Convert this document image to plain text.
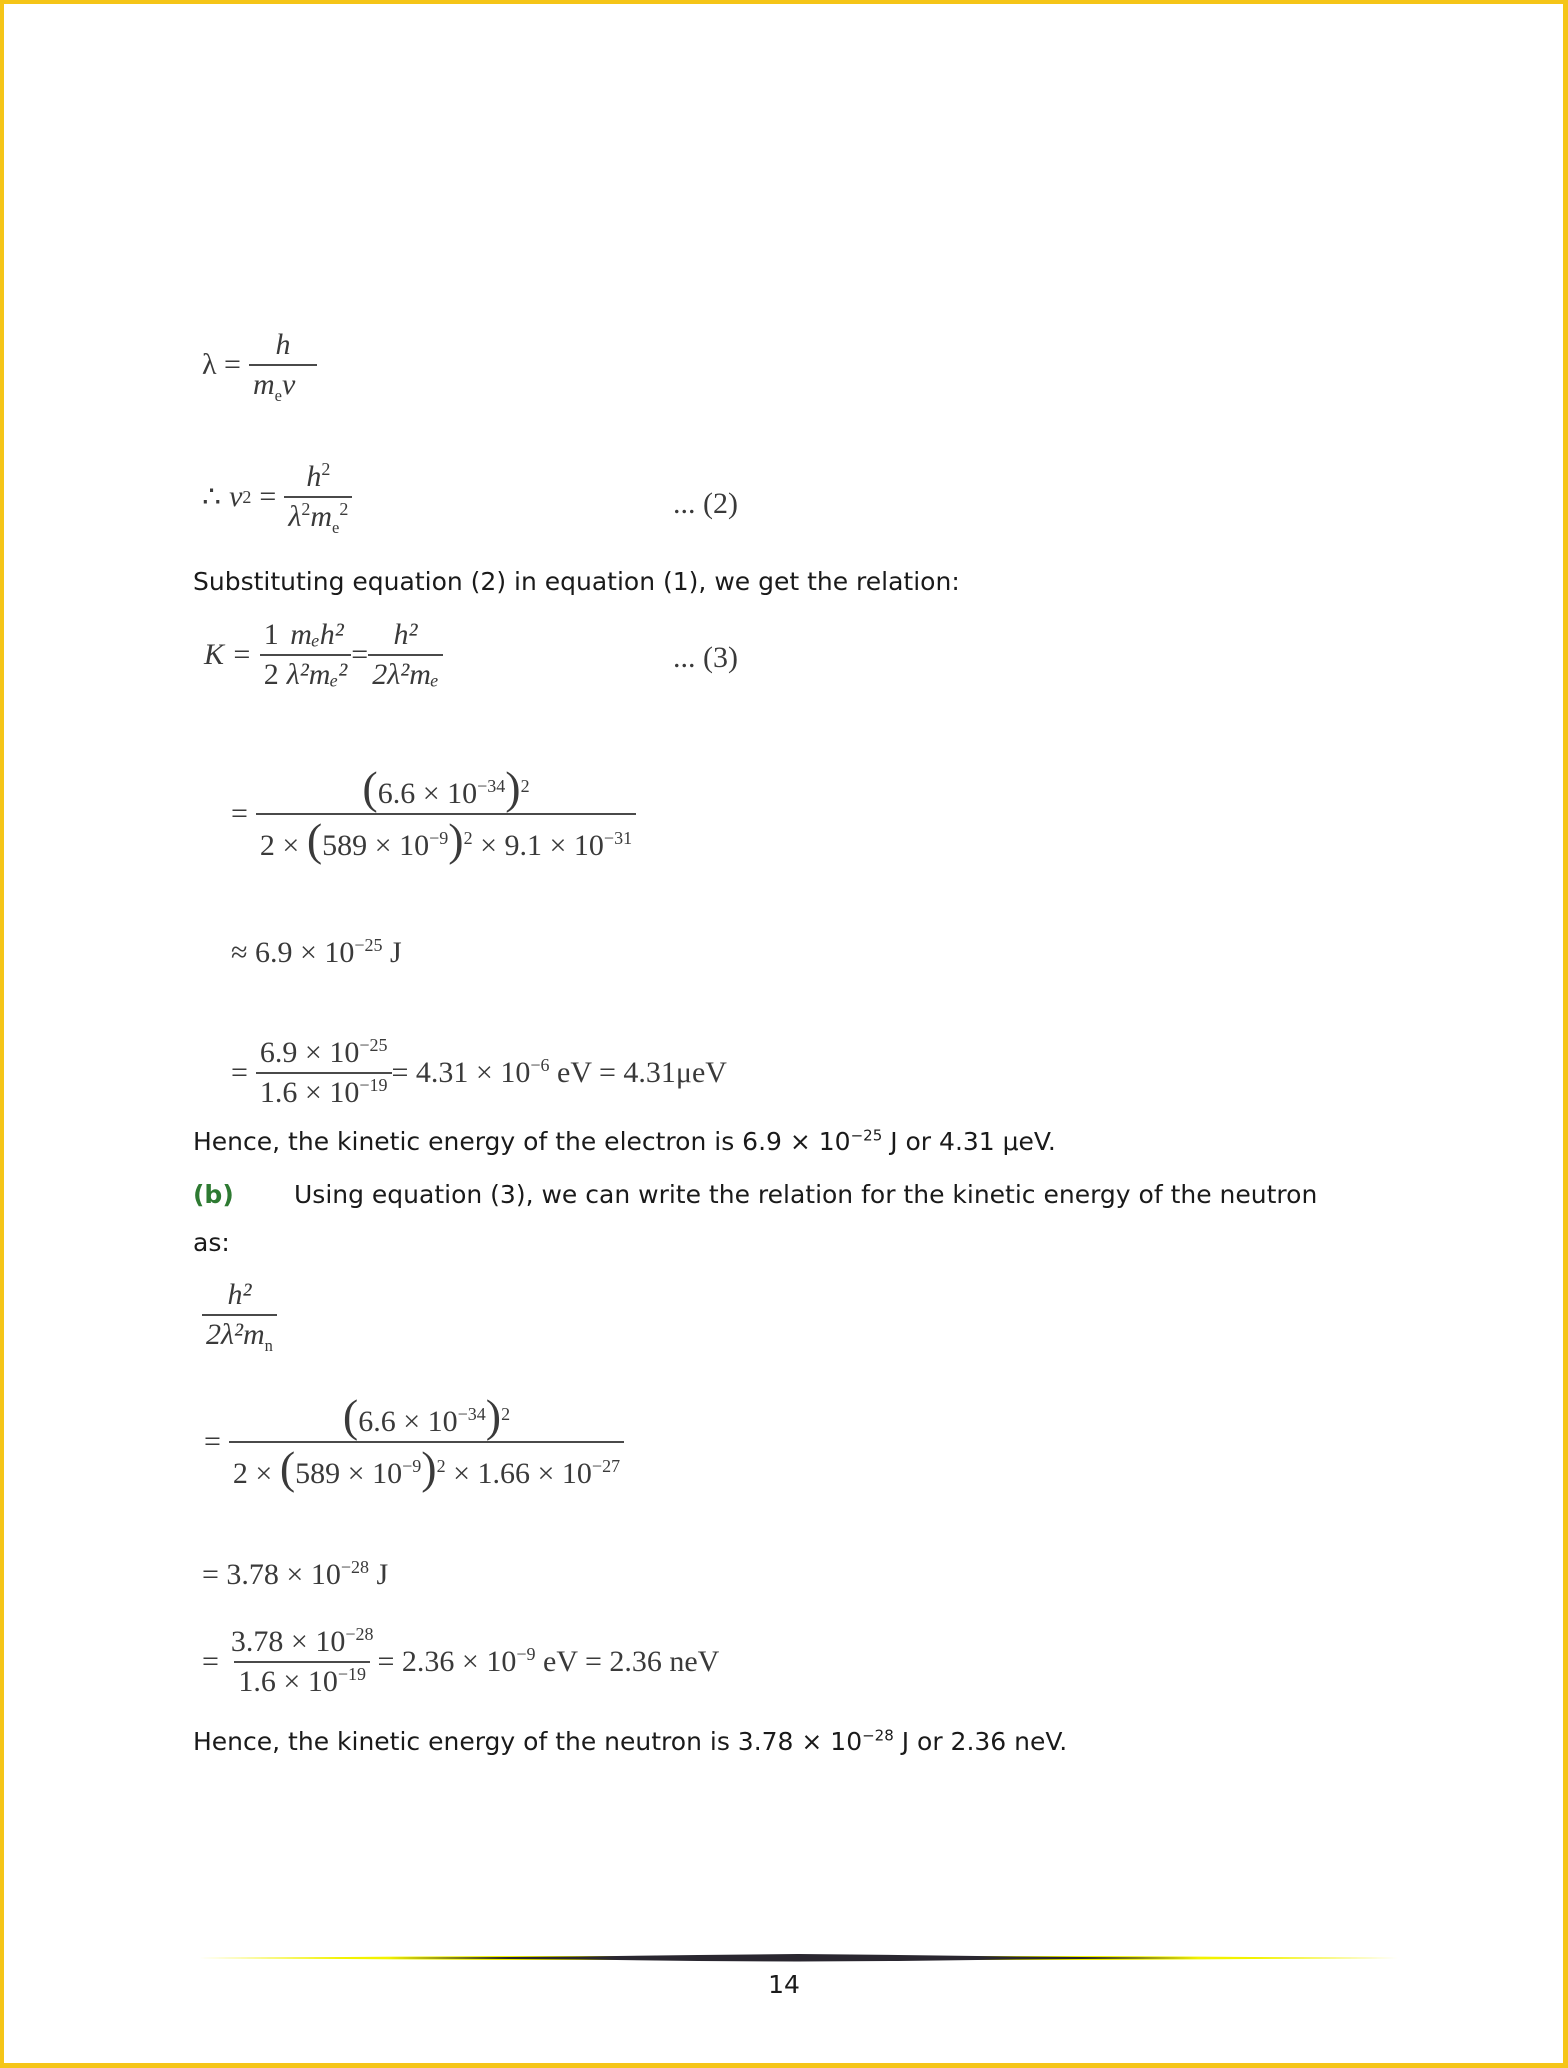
$\lambda = \frac{h}{m_ev}$
∴ v $2 = \frac{h^2}{\lambda^2m_e^2}$	... (2)
Substituting equation (2) in equation (1), we get the relation:
$K = \frac{1}{2} \frac{\text{mₑh²}}{\text{λ²mₑ²}} = \frac{\text{h²}}{\text{2λ²mₑ}}$	... (3)
= $\frac{(6.6 \times 10^{-34})^2}{2 \times (589 \times 10^{-9})^2 \times 9.1 \times 10^{-31}}$
≈ $6.9 \times 10^{-25}$ J
= $\frac{6.9 \times 10^{-25}}{1.6 \times 10^{-19}} = 4.31 \times 10^{-6}$ eV = 4.31μeV
Hence, the kinetic energy of the electron is $6.9 \times 10^{-25}$ J or 4.31 μeV.
(b) Using equation (3), we can write the relation for the kinetic energy of the neutron
as:
$\frac{\text{h²}}{2\lambda^2m_n}$
= $\frac{(6.6 \times 10^{-34})^2}{2 \times (589 \times 10^{-9})^2 \times 1.66 \times 10^{-27}}$
= $3.78 \times 10^{-28}$ J
= $\frac{3.78 \times 10^{-28}}{1.6 \times 10^{-19}} = 2.36 \times 10^{-9}$ eV = 2.36 neV
Hence, the kinetic energy of the neutron is $3.78 \times 10^{-28}$ J or 2.36 neV.
14
